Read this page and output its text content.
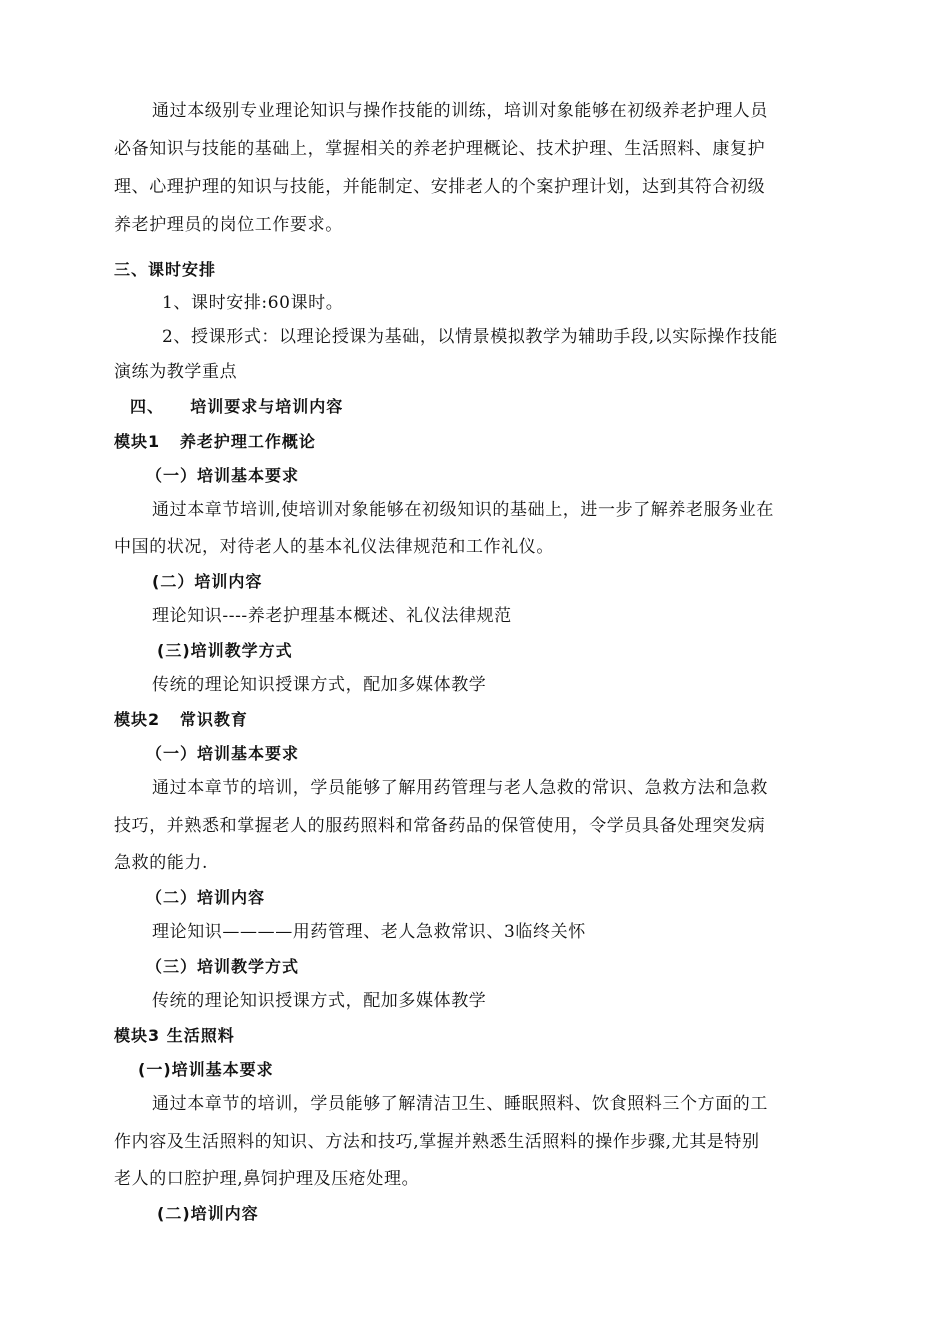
通过本级别专业理论知识与操作技能的训练，培训对象能够在初级养老护理人员
必备知识与技能的基础上，掌握相关的养老护理概论、技术护理、生活照料、康复护
理、心理护理的知识与技能，并能制定、安排老人的个案护理计划，达到其符合初级
养老护理员的岗位工作要求。
三、课时安排
1、课时安排:60课时。
2、授课形式：以理论授课为基础，以情景模拟教学为辅助手段,以实际操作技能
演练为教学重点
四、    培训要求与培训内容
模块1   养老护理工作概论
（一）培训基本要求
通过本章节培训,使培训对象能够在初级知识的基础上，进一步了解养老服务业在
中国的状况，对待老人的基本礼仪法律规范和工作礼仪。
(二）培训内容
理论知识----养老护理基本概述、礼仪法律规范
(三)培训教学方式
传统的理论知识授课方式，配加多媒体教学
模块2   常识教育
（一）培训基本要求
通过本章节的培训，学员能够了解用药管理与老人急救的常识、急救方法和急救
技巧，并熟悉和掌握老人的服药照料和常备药品的保管使用，令学员具备处理突发病
急救的能力.
（二）培训内容
理论知识————用药管理、老人急救常识、3临终关怀
（三）培训教学方式
传统的理论知识授课方式，配加多媒体教学
模块3 生活照料
(一)培训基本要求
通过本章节的培训，学员能够了解清洁卫生、睡眠照料、饮食照料三个方面的工
作内容及生活照料的知识、方法和技巧,掌握并熟悉生活照料的操作步骤,尤其是特别
老人的口腔护理,鼻饲护理及压疮处理。
(二)培训内容
